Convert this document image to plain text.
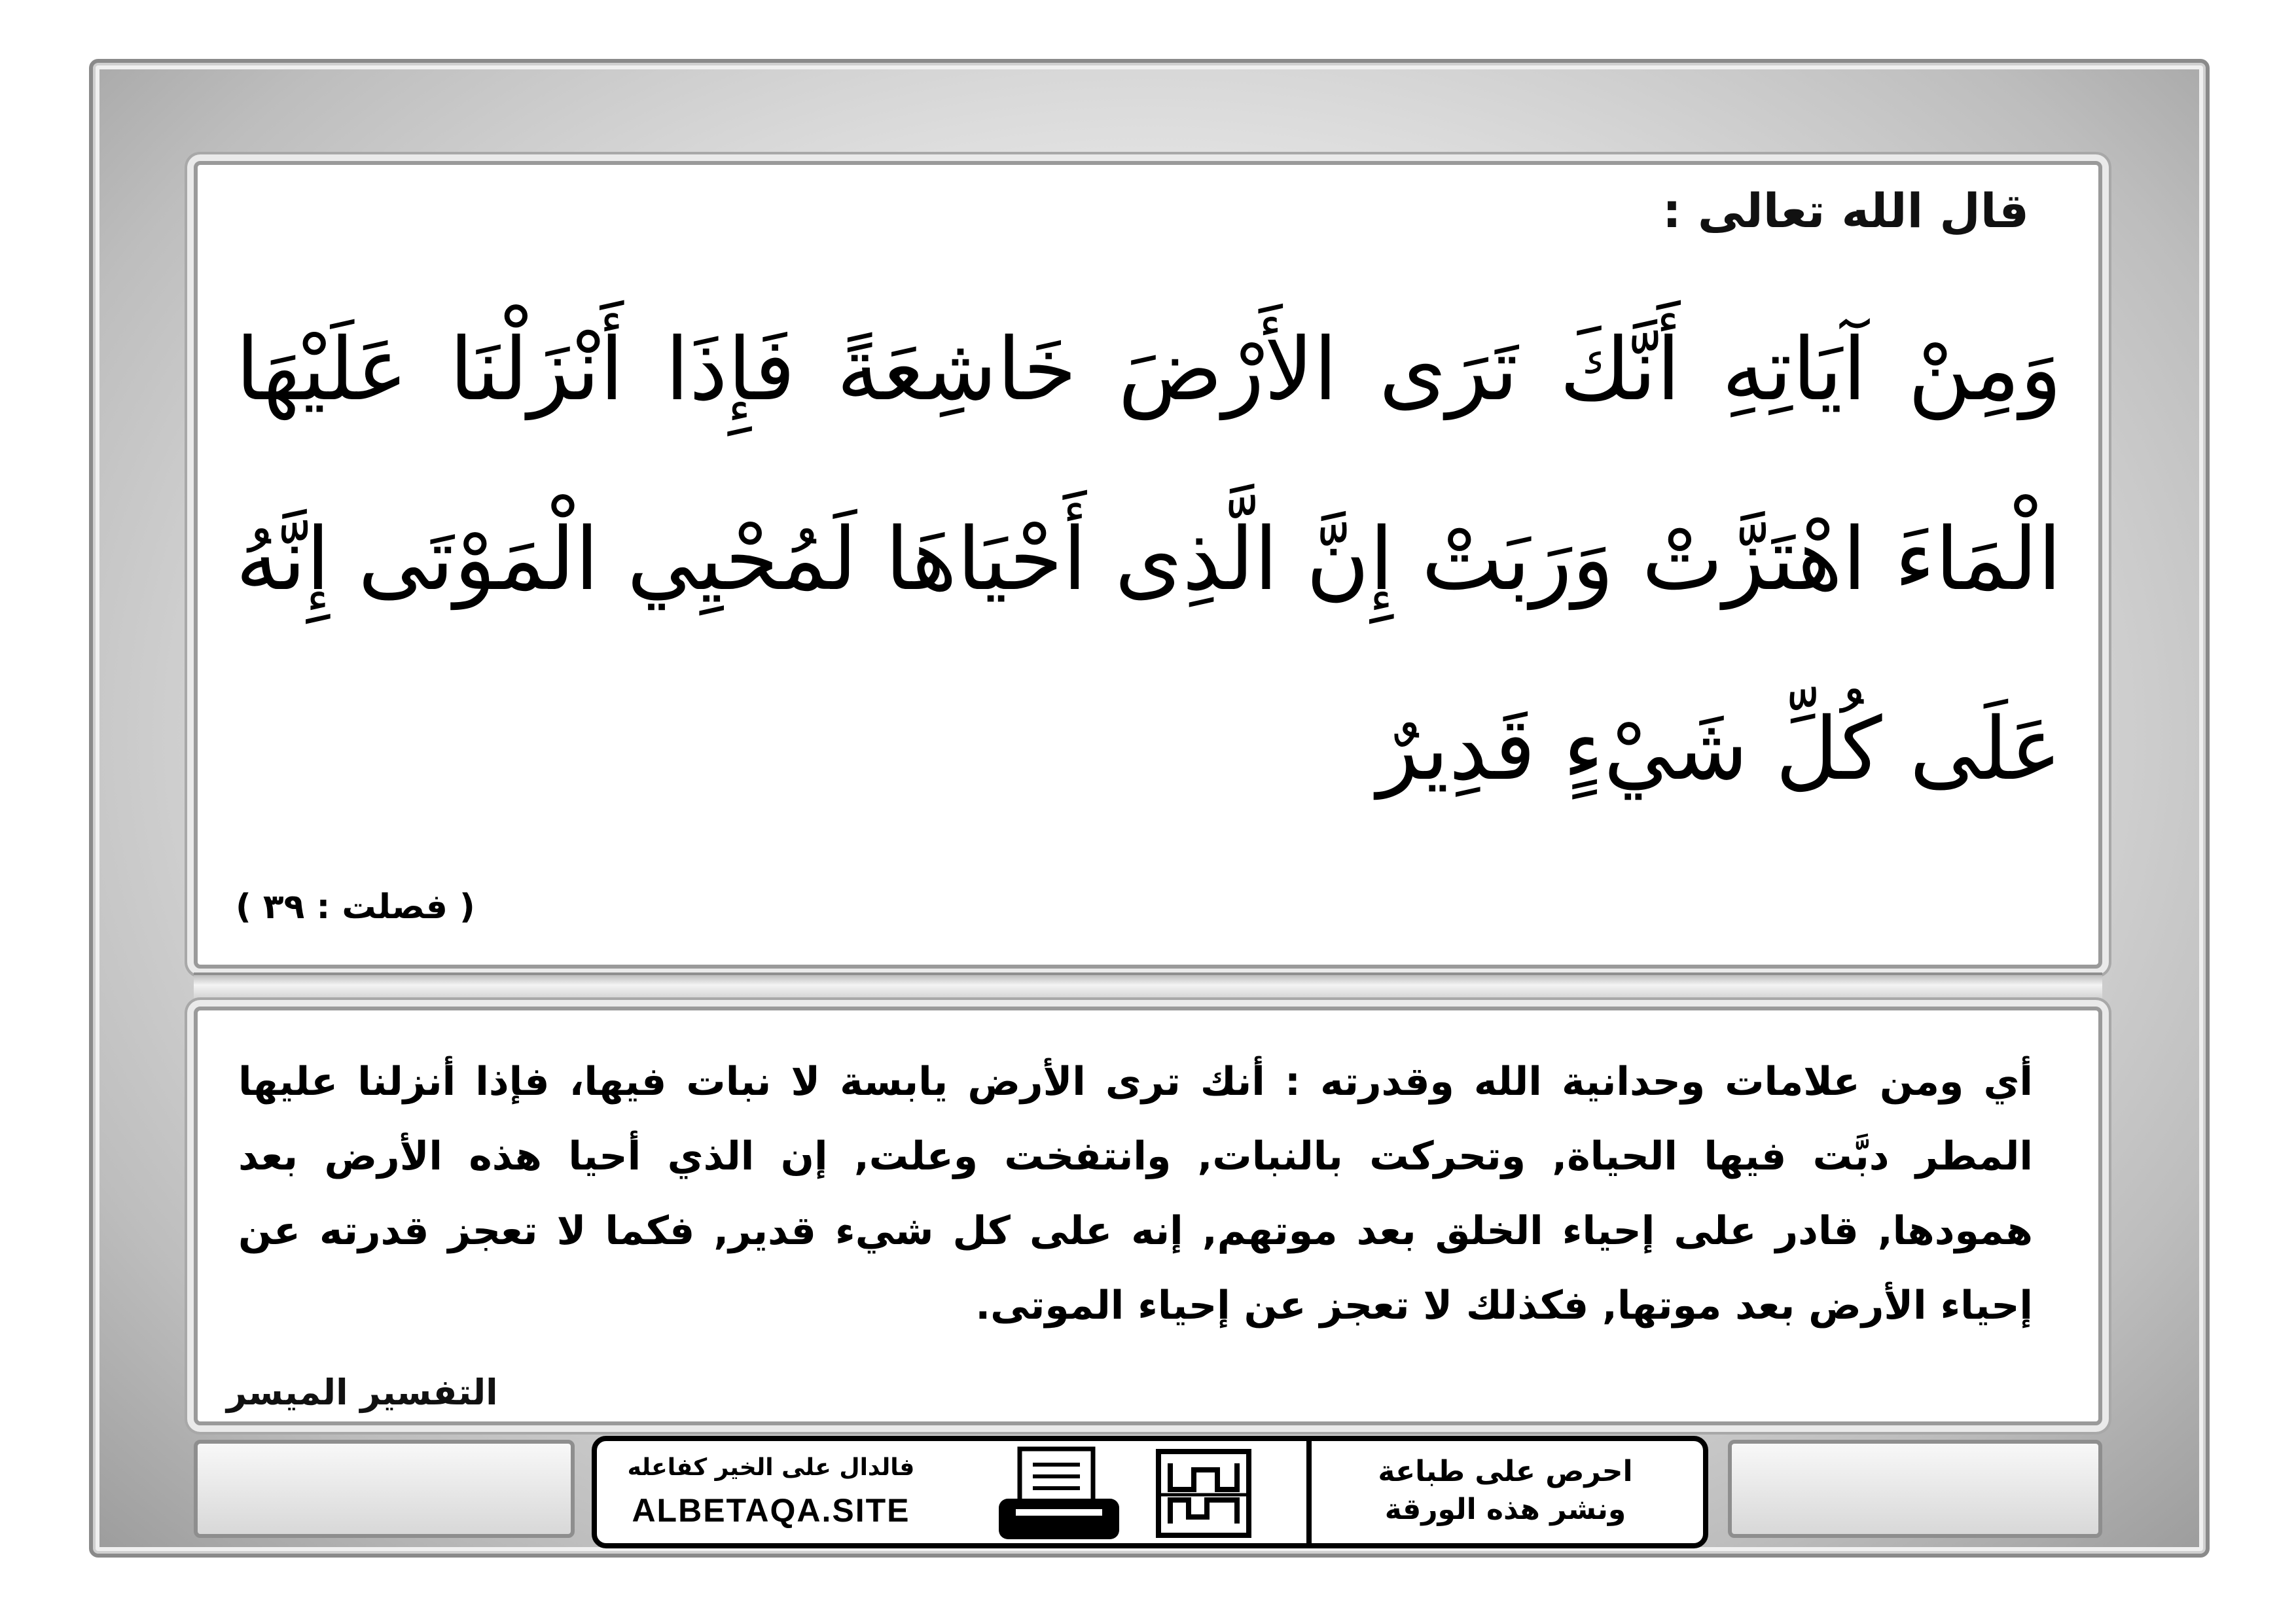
قال الله تعالى :

وَمِنْ آيَاتِهِ أَنَّكَ تَرَى الأَرْضَ خَاشِعَةً فَإِذَا أَنْزَلْنَا عَلَيْهَا الْمَاءَ اهْتَزَّتْ وَرَبَتْ إِنَّ الَّذِى أَحْيَاهَا لَمُحْيِي الْمَوْتَى إِنَّهُ عَلَى كُلِّ شَيْءٍ قَدِيرٌ

( فصلت : ٣٩ )

أي ومن علامات وحدانية الله وقدرته : أنك ترى الأرض يابسة لا نبات فيها، فإذا أنزلنا عليها المطر دبَّت فيها الحياة, وتحركت بالنبات, وانتفخت وعلت, إن الذي أحيا هذه الأرض بعد همودها, قادر على إحياء الخلق بعد موتهم, إنه على كل شيء قدير, فكما لا تعجز قدرته عن إحياء الأرض بعد موتها, فكذلك لا تعجز عن إحياء الموتى.

التفسير الميسر

فالدال على الخير كفاعله
ALBETAQA.SITE
احرص على طباعة
ونشر هذه الورقة
